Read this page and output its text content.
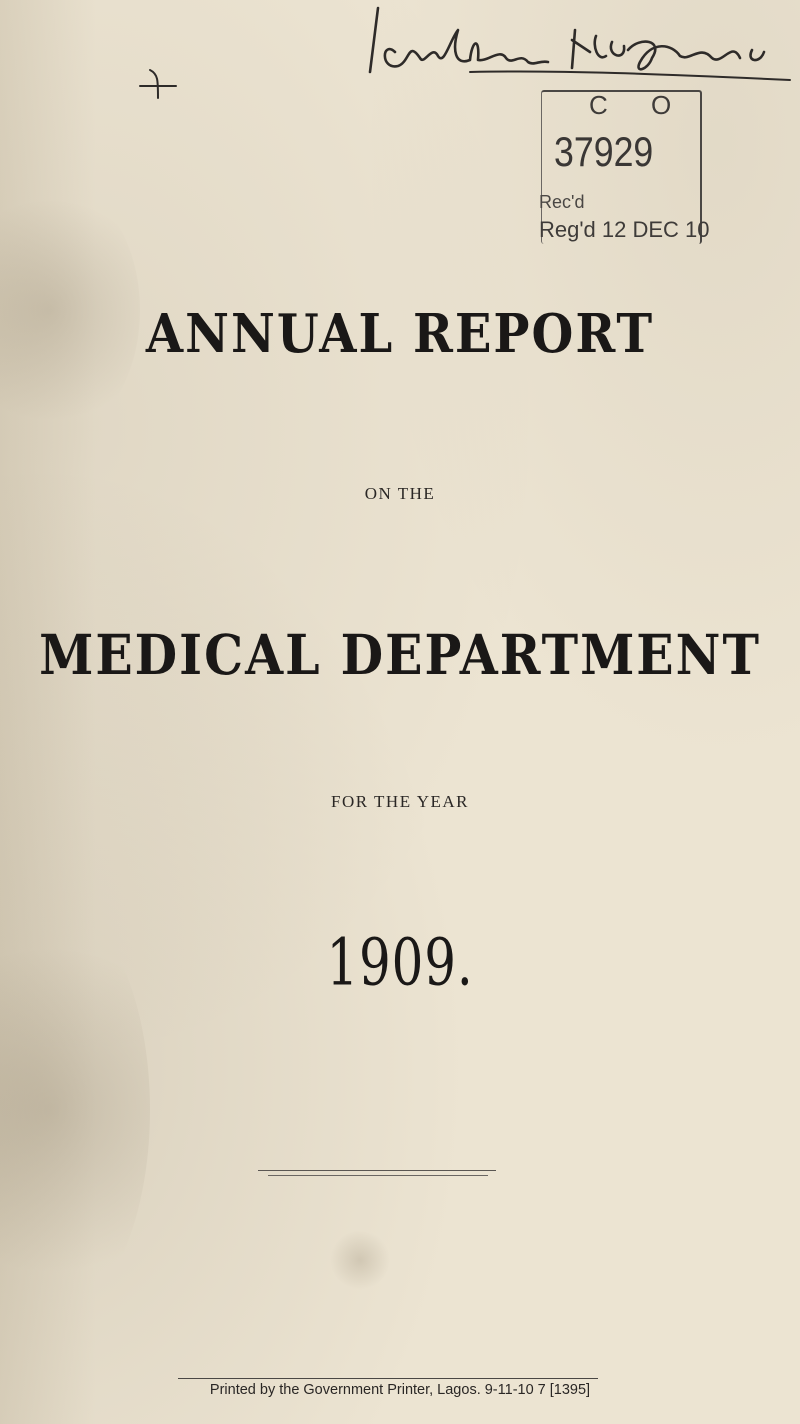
C O
37929
Rec'd
Reg'd 12 DEC 10
ANNUAL REPORT
ON THE
MEDICAL DEPARTMENT
FOR THE YEAR
1909.
Printed by the Government Printer, Lagos. 9-11-10 7 [1395]
